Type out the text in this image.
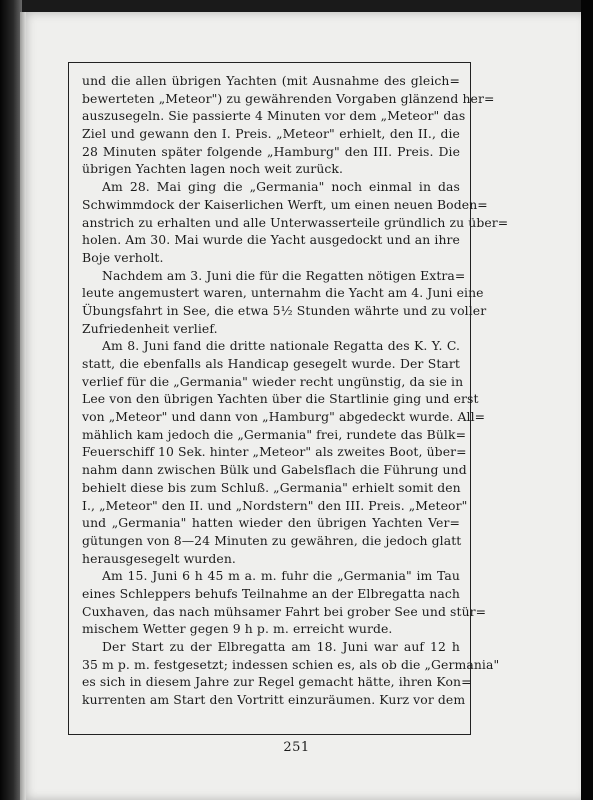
und die allen übrigen Yachten (mit Ausnahme des gleich=
bewerteten „Meteor") zu gewährenden Vorgaben glänzend her=
auszusegeln. Sie passierte 4 Minuten vor dem „Meteor" das
Ziel und gewann den I. Preis. „Meteor" erhielt, den II., die
28 Minuten später folgende „Hamburg" den III. Preis. Die
übrigen Yachten lagen noch weit zurück.
Am 28. Mai ging die „Germania" noch einmal in das
Schwimmdock der Kaiserlichen Werft, um einen neuen Boden=
anstrich zu erhalten und alle Unterwasserteile gründlich zu über=
holen. Am 30. Mai wurde die Yacht ausgedockt und an ihre
Boje verholt.
Nachdem am 3. Juni die für die Regatten nötigen Extra=
leute angemustert waren, unternahm die Yacht am 4. Juni eine
Übungsfahrt in See, die etwa 5½ Stunden währte und zu voller
Zufriedenheit verlief.
Am 8. Juni fand die dritte nationale Regatta des K. Y. C.
statt, die ebenfalls als Handicap gesegelt wurde. Der Start
verlief für die „Germania" wieder recht ungünstig, da sie in
Lee von den übrigen Yachten über die Startlinie ging und erst
von „Meteor" und dann von „Hamburg" abgedeckt wurde. All=
mählich kam jedoch die „Germania" frei, rundete das Bülk=
Feuerschiff 10 Sek. hinter „Meteor" als zweites Boot, über=
nahm dann zwischen Bülk und Gabelsflach die Führung und
behielt diese bis zum Schluß. „Germania" erhielt somit den
I., „Meteor" den II. und „Nordstern" den III. Preis. „Meteor"
und „Germania" hatten wieder den übrigen Yachten Ver=
gütungen von 8—24 Minuten zu gewähren, die jedoch glatt
herausgesegelt wurden.
Am 15. Juni 6 h 45 m a. m. fuhr die „Germania" im Tau
eines Schleppers behufs Teilnahme an der Elbregatta nach
Cuxhaven, das nach mühsamer Fahrt bei grober See und stür=
mischem Wetter gegen 9 h p. m. erreicht wurde.
Der Start zu der Elbregatta am 18. Juni war auf 12 h
35 m p. m. festgesetzt; indessen schien es, als ob die „Germania"
es sich in diesem Jahre zur Regel gemacht hätte, ihren Kon=
kurrenten am Start den Vortritt einzuräumen. Kurz vor dem
251
